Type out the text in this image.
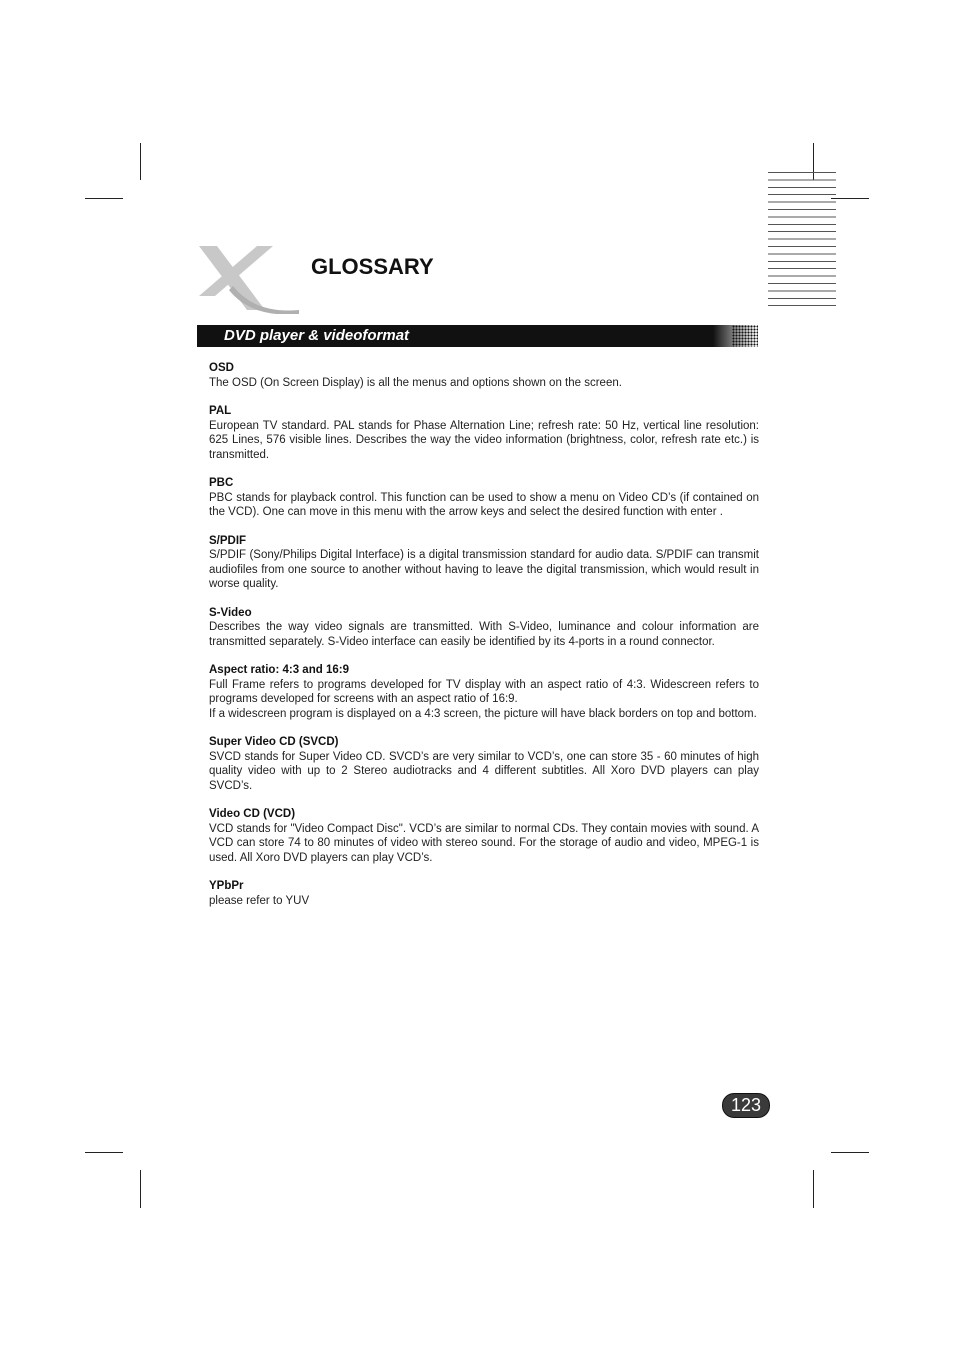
GLOSSARY
DVD player & videoformat

OSD

The OSD (On Screen Display) is all the menus and options shown on the screen.

PAL

European TV standard. PAL stands for Phase Alternation Line; refresh rate: 50 Hz, vertical line resolution: 625 Lines, 576 visible lines. Describes the way the video information (brightness, color, refresh rate etc.) is transmitted.

PBC

PBC stands for playback control. This function can be used to show a menu on Video CD’s (if contained on the VCD). One can move in this menu with the arrow keys and select the desired function with enter .

S/PDIF

S/PDIF (Sony/Philips Digital Interface) is a digital transmission standard for audio data. S/PDIF can transmit audiofiles from one source to another without having to leave the digital transmission, which would result in worse quality.

S-Video

Describes the way video signals are transmitted. With S-Video, luminance and colour information are transmitted separately. S-Video interface can easily be identified by its 4-ports in a round connector.

Aspect ratio: 4:3 and 16:9

Full Frame refers to programs developed for TV display with an aspect ratio of 4:3. Widescreen refers to programs developed for screens with an aspect ratio of 16:9.

If a widescreen program is displayed on a 4:3 screen, the picture will have black borders on top and bottom.

Super Video CD (SVCD)

SVCD stands for Super Video CD. SVCD’s are very similar to VCD’s, one can store 35 - 60 minutes of high quality video with up to 2 Stereo audiotracks and 4 different subtitles. All Xoro DVD players can play SVCD’s.

Video CD (VCD)

VCD stands for "Video Compact Disc". VCD’s are similar to normal CDs. They contain movies with sound. A VCD can store 74 to 80 minutes of video with stereo sound. For the storage of audio and video, MPEG-1 is used. All Xoro DVD players can play VCD’s.

YPbPr

please refer to YUV

123
